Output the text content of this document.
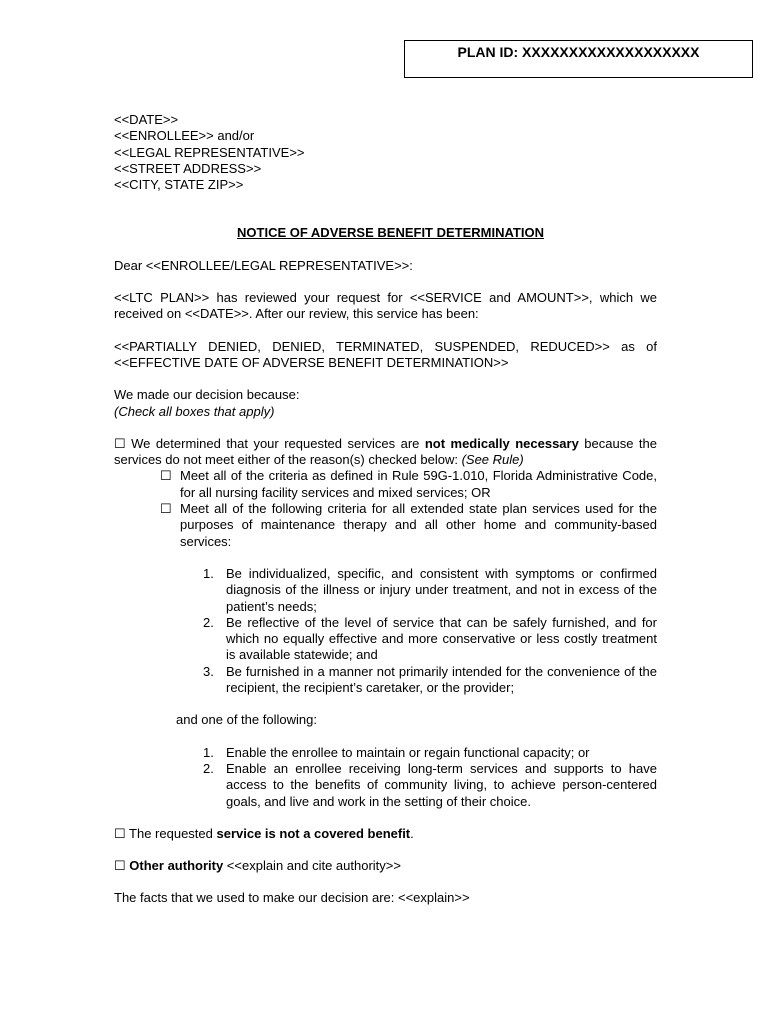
PLAN ID: XXXXXXXXXXXXXXXXXXX
<<DATE>>
<<ENROLLEE>> and/or
<<LEGAL REPRESENTATIVE>>
<<STREET ADDRESS>>
<<CITY, STATE ZIP>>
NOTICE OF ADVERSE BENEFIT DETERMINATION

Dear <<ENROLLEE/LEGAL REPRESENTATIVE>>:

<<LTC PLAN>> has reviewed your request for <<SERVICE and AMOUNT>>, which we received on <<DATE>>. After our review, this service has been:

<<PARTIALLY DENIED, DENIED, TERMINATED, SUSPENDED, REDUCED>> as of <<EFFECTIVE DATE OF ADVERSE BENEFIT DETERMINATION>>

We made our decision because:

(Check all boxes that apply)

☐ We determined that your requested services are not medically necessary because the services do not meet either of the reason(s) checked below: (See Rule)

☐ Meet all of the criteria as defined in Rule 59G-1.010, Florida Administrative Code, for all nursing facility services and mixed services; OR
☐ Meet all of the following criteria for all extended state plan services used for the purposes of maintenance therapy and all other home and community-based services:
1. Be individualized, specific, and consistent with symptoms or confirmed diagnosis of the illness or injury under treatment, and not in excess of the patient’s needs;
2. Be reflective of the level of service that can be safely furnished, and for which no equally effective and more conservative or less costly treatment is available statewide; and
3. Be furnished in a manner not primarily intended for the convenience of the recipient, the recipient’s caretaker, or the provider;

and one of the following:

1. Enable the enrollee to maintain or regain functional capacity; or
2. Enable an enrollee receiving long-term services and supports to have access to the benefits of community living, to achieve person-centered goals, and live and work in the setting of their choice.

☐ The requested service is not a covered benefit.

☐ Other authority <<explain and cite authority>>

The facts that we used to make our decision are: <<explain>>
